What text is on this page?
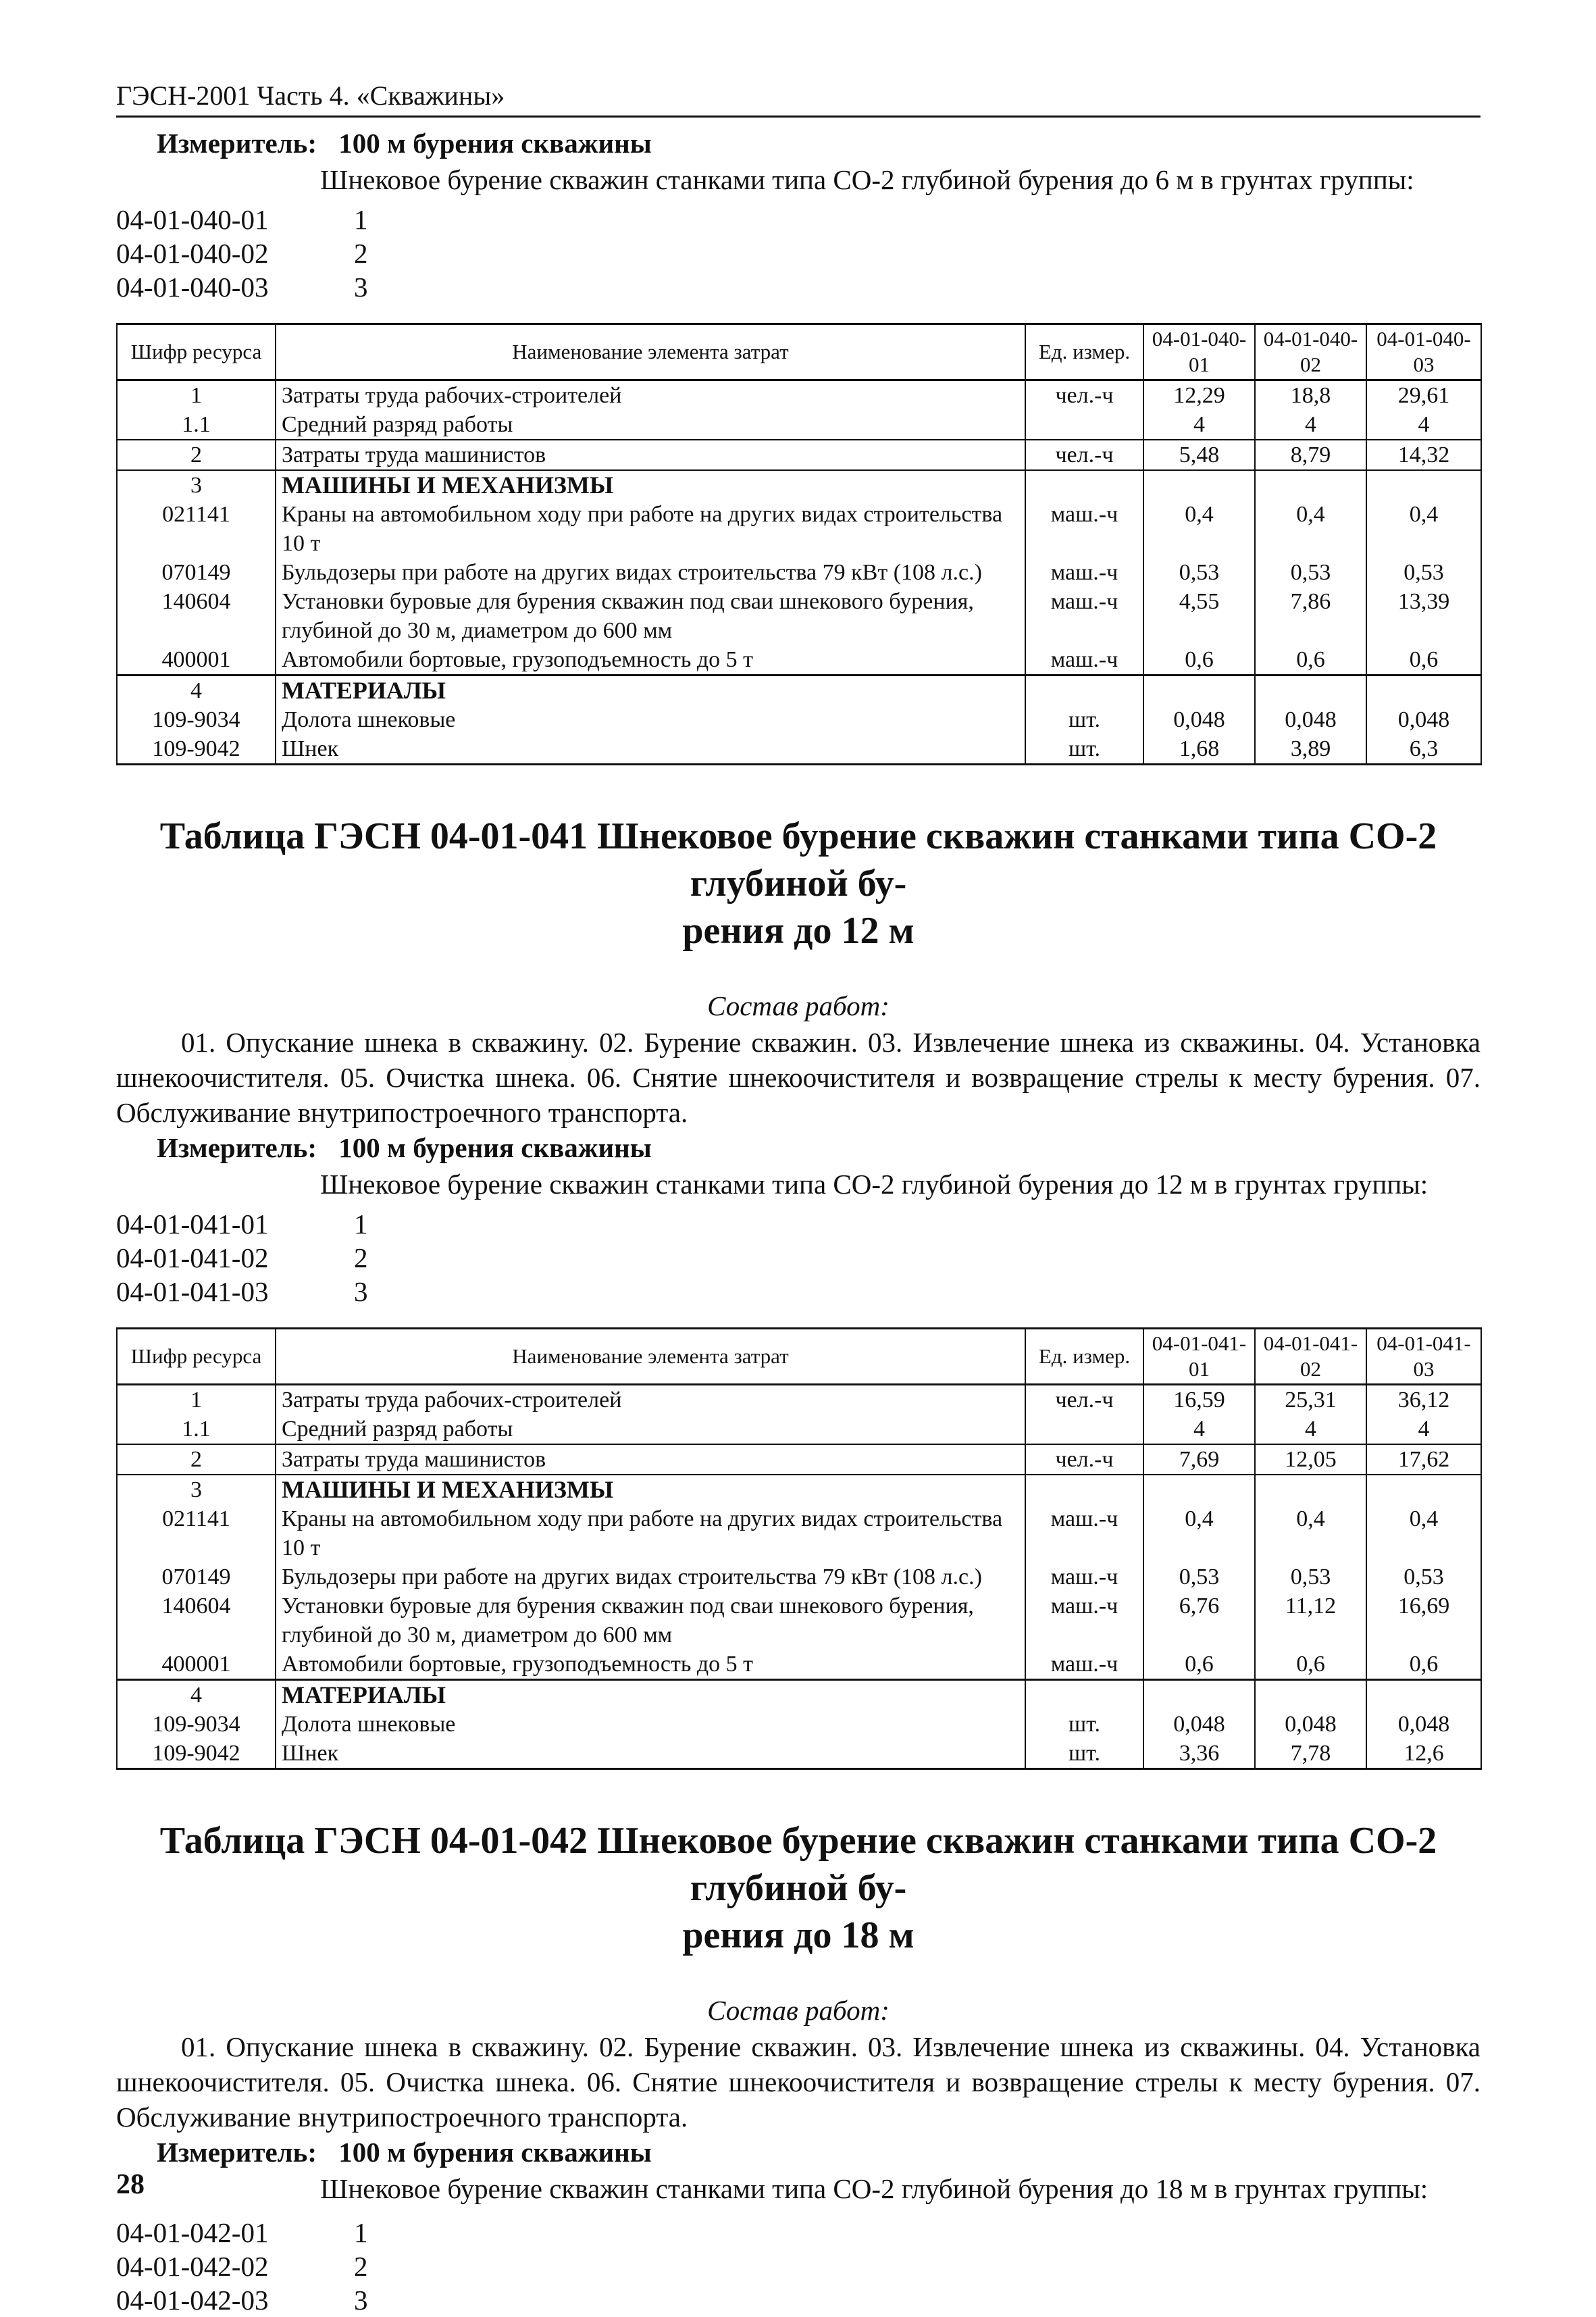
ГЭСН-2001 Часть 4. «Скважины»
Измеритель: 100 м бурения скважины
Шнековое бурение скважин станками типа СО-2 глубиной бурения до 6 м в грунтах группы:
04-01-040-01	1
04-01-040-02	2
04-01-040-03	3
Шифр ресурса	Наименование элемента затрат	Ед. измер.	04-01-040-01	04-01-040-02	04-01-040-03
1	Затраты труда рабочих-строителей	чел.-ч	12,29	18,8	29,61
1.1	Средний разряд работы		4	4	4
2	Затраты труда машинистов	чел.-ч	5,48	8,79	14,32
3	МАШИНЫ И МЕХАНИЗМЫ				
021141	Краны на автомобильном ходу при работе на других видах строительства 10 т	маш.-ч	0,4	0,4	0,4
070149	Бульдозеры при работе на других видах строительства 79 кВт (108 л.с.)	маш.-ч	0,53	0,53	0,53
140604	Установки буровые для бурения скважин под сваи шнекового бурения, глубиной до 30 м, диаметром до 600 мм	маш.-ч	4,55	7,86	13,39
400001	Автомобили бортовые, грузоподъемность до 5 т	маш.-ч	0,6	0,6	0,6
4	МАТЕРИАЛЫ				
109-9034	Долота шнековые	шт.	0,048	0,048	0,048
109-9042	Шнек	шт.	1,68	3,89	6,3
Таблица ГЭСН 04-01-041 Шнековое бурение скважин станками типа СО-2 глубиной бу-
рения до 12 м
Состав работ:
01. Опускание шнека в скважину. 02. Бурение скважин. 03. Извлечение шнека из скважины. 04. Установка шнекоочистителя. 05. Очистка шнека. 06. Снятие шнекоочистителя и возвращение стрелы к месту бурения. 07. Обслуживание внутрипостроечного транспорта.
Измеритель: 100 м бурения скважины
Шнековое бурение скважин станками типа СО-2 глубиной бурения до 12 м в грунтах группы:
04-01-041-01	1
04-01-041-02	2
04-01-041-03	3
Шифр ресурса	Наименование элемента затрат	Ед. измер.	04-01-041-01	04-01-041-02	04-01-041-03
1	Затраты труда рабочих-строителей	чел.-ч	16,59	25,31	36,12
1.1	Средний разряд работы		4	4	4
2	Затраты труда машинистов	чел.-ч	7,69	12,05	17,62
3	МАШИНЫ И МЕХАНИЗМЫ				
021141	Краны на автомобильном ходу при работе на других видах строительства 10 т	маш.-ч	0,4	0,4	0,4
070149	Бульдозеры при работе на других видах строительства 79 кВт (108 л.с.)	маш.-ч	0,53	0,53	0,53
140604	Установки буровые для бурения скважин под сваи шнекового бурения, глубиной до 30 м, диаметром до 600 мм	маш.-ч	6,76	11,12	16,69
400001	Автомобили бортовые, грузоподъемность до 5 т	маш.-ч	0,6	0,6	0,6
4	МАТЕРИАЛЫ				
109-9034	Долота шнековые	шт.	0,048	0,048	0,048
109-9042	Шнек	шт.	3,36	7,78	12,6
Таблица ГЭСН 04-01-042 Шнековое бурение скважин станками типа СО-2 глубиной бу-
рения до 18 м
Состав работ:
01. Опускание шнека в скважину. 02. Бурение скважин. 03. Извлечение шнека из скважины. 04. Установка шнекоочистителя. 05. Очистка шнека. 06. Снятие шнекоочистителя и возвращение стрелы к месту бурения. 07. Обслуживание внутрипостроечного транспорта.
Измеритель: 100 м бурения скважины
Шнековое бурение скважин станками типа СО-2 глубиной бурения до 18 м в грунтах группы:
04-01-042-01	1
04-01-042-02	2
04-01-042-03	3
28
